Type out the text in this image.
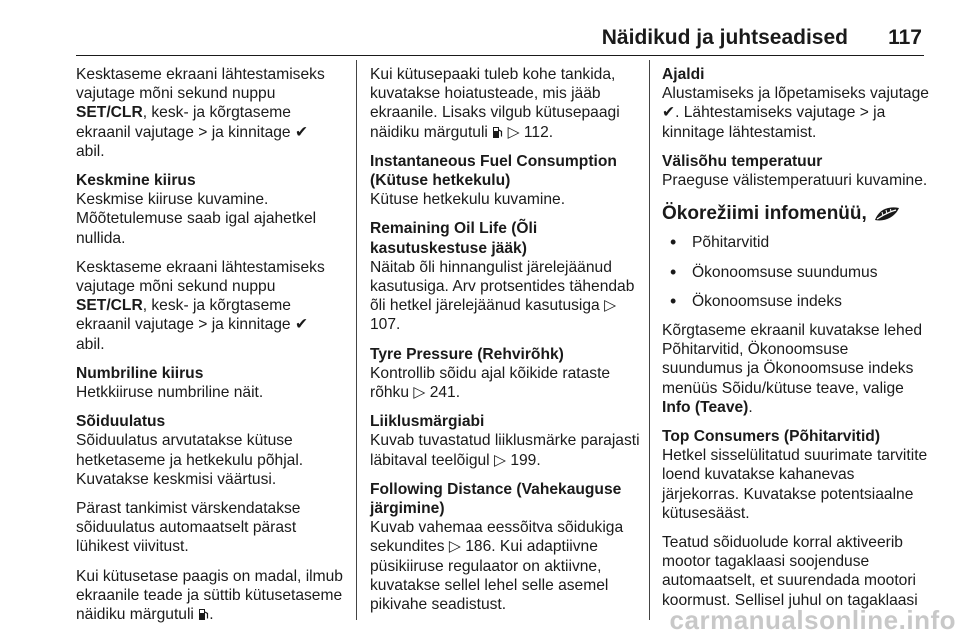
Näidikud ja juhtseadised 117

Kesktaseme ekraani lähtestamiseks vajutage mõni sekund nuppu
SET/CLR, kesk- ja kõrgtaseme ekraanil vajutage > ja kinnitage ✔
abil.

Keskmine kiirus

Keskmise kiiruse kuvamine.
Mõõtetulemuse saab igal ajahetkel nullida.

Kesktaseme ekraani lähtestamiseks vajutage mõni sekund nuppu
SET/CLR, kesk- ja kõrgtaseme ekraanil vajutage > ja kinnitage ✔
abil.

Numbriline kiirus

Hetkkiiruse numbriline näit.

Sõiduulatus

Sõiduulatus arvutatakse kütuse hetketaseme ja hetkekulu põhjal. Kuvatakse keskmisi väärtusi.

Pärast tankimist värskendatakse sõiduulatus automaatselt pärast lühikest viivitust.

Kui kütusetase paagis on madal, ilmub ekraanile teade ja süttib kütusetaseme näidiku märgutuli .

Kui kütusepaaki tuleb kohe tankida, kuvatakse hoiatusteade, mis jääb ekraanile. Lisaks vilgub kütusepaagi näidiku märgutuli ▷ 112.

Instantaneous Fuel Consumption (Kütuse hetkekulu)

Kütuse hetkekulu kuvamine.

Remaining Oil Life (Õli kasutuskestuse jääk)

Näitab õli hinnangulist järelejäänud kasutusiga. Arv protsentides tähendab õli hetkel järelejäänud kasutusiga ▷ 107.

Tyre Pressure (Rehvirõhk)

Kontrollib sõidu ajal kõikide rataste rõhku ▷ 241.

Liiklusmärgiabi

Kuvab tuvastatud liiklusmärke parajasti läbitaval teelõigul ▷ 199.

Following Distance (Vahekauguse järgimine)

Kuvab vahemaa eessõitva sõidukiga sekundites ▷ 186. Kui adaptiivne püsikiiruse regulaator on aktiivne, kuvatakse sellel lehel selle asemel pikivahe seadistust.

Ajaldi

Alustamiseks ja lõpetamiseks vajutage ✔. Lähtestamiseks vajutage > ja kinnitage lähtestamist.

Välisõhu temperatuur

Praeguse välistemperatuuri kuvamine.

Ökorežiimi infomenüü,
• Põhitarvitid
• Ökonoomsuse suundumus
• Ökonoomsuse indeks

Kõrgtaseme ekraanil kuvatakse lehed Põhitarvitid, Ökonoomsuse suundumus ja Ökonoomsuse indeks menüüs Sõidu/kütuse teave, valige
Info (Teave).

Top Consumers (Põhitarvitid)

Hetkel sisselülitatud suurimate tarvitite loend kuvatakse kahanevas järjekorras. Kuvatakse potentsiaalne kütusesääst.

Teatud sõiduolude korral aktiveerib mootor tagaklaasi soojenduse automaatselt, et suurendada mootori koormust. Sellisel juhul on tagaklaasi

carmanualsonline.info
